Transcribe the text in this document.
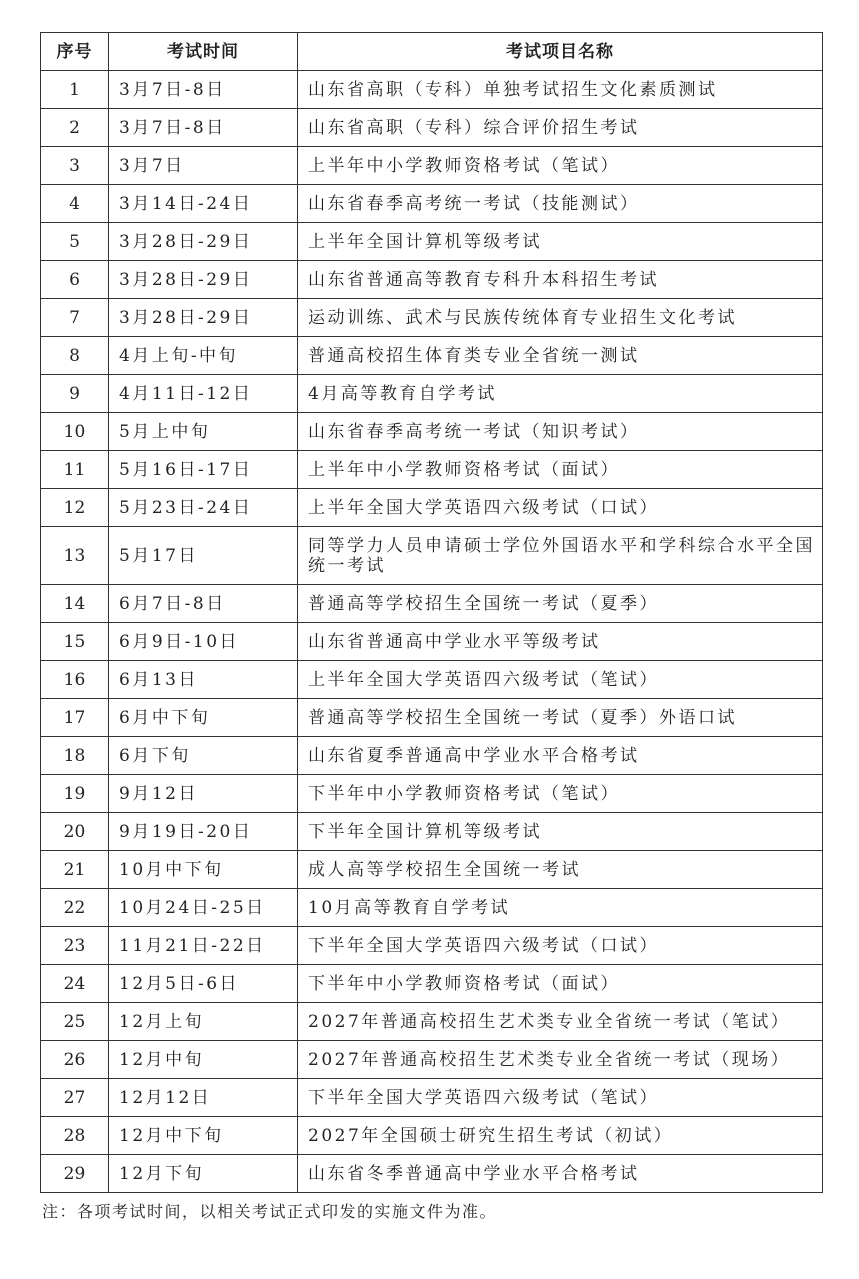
序号	考试时间	考试项目名称
1	3月7日-8日	山东省高职（专科）单独考试招生文化素质测试
2	3月7日-8日	山东省高职（专科）综合评价招生考试
3	3月7日	上半年中小学教师资格考试（笔试）
4	3月14日-24日	山东省春季高考统一考试（技能测试）
5	3月28日-29日	上半年全国计算机等级考试
6	3月28日-29日	山东省普通高等教育专科升本科招生考试
7	3月28日-29日	运动训练、武术与民族传统体育专业招生文化考试
8	4月上旬-中旬	普通高校招生体育类专业全省统一测试
9	4月11日-12日	4月高等教育自学考试
10	5月上中旬	山东省春季高考统一考试（知识考试）
11	5月16日-17日	上半年中小学教师资格考试（面试）
12	5月23日-24日	上半年全国大学英语四六级考试（口试）
13	5月17日	同等学力人员申请硕士学位外国语水平和学科综合水平全国统一考试
14	6月7日-8日	普通高等学校招生全国统一考试（夏季）
15	6月9日-10日	山东省普通高中学业水平等级考试
16	6月13日	上半年全国大学英语四六级考试（笔试）
17	6月中下旬	普通高等学校招生全国统一考试（夏季）外语口试
18	6月下旬	山东省夏季普通高中学业水平合格考试
19	9月12日	下半年中小学教师资格考试（笔试）
20	9月19日-20日	下半年全国计算机等级考试
21	10月中下旬	成人高等学校招生全国统一考试
22	10月24日-25日	10月高等教育自学考试
23	11月21日-22日	下半年全国大学英语四六级考试（口试）
24	12月5日-6日	下半年中小学教师资格考试（面试）
25	12月上旬	2027年普通高校招生艺术类专业全省统一考试（笔试）
26	12月中旬	2027年普通高校招生艺术类专业全省统一考试（现场）
27	12月12日	下半年全国大学英语四六级考试（笔试）
28	12月中下旬	2027年全国硕士研究生招生考试（初试）
29	12月下旬	山东省冬季普通高中学业水平合格考试
注：各项考试时间，以相关考试正式印发的实施文件为准。
